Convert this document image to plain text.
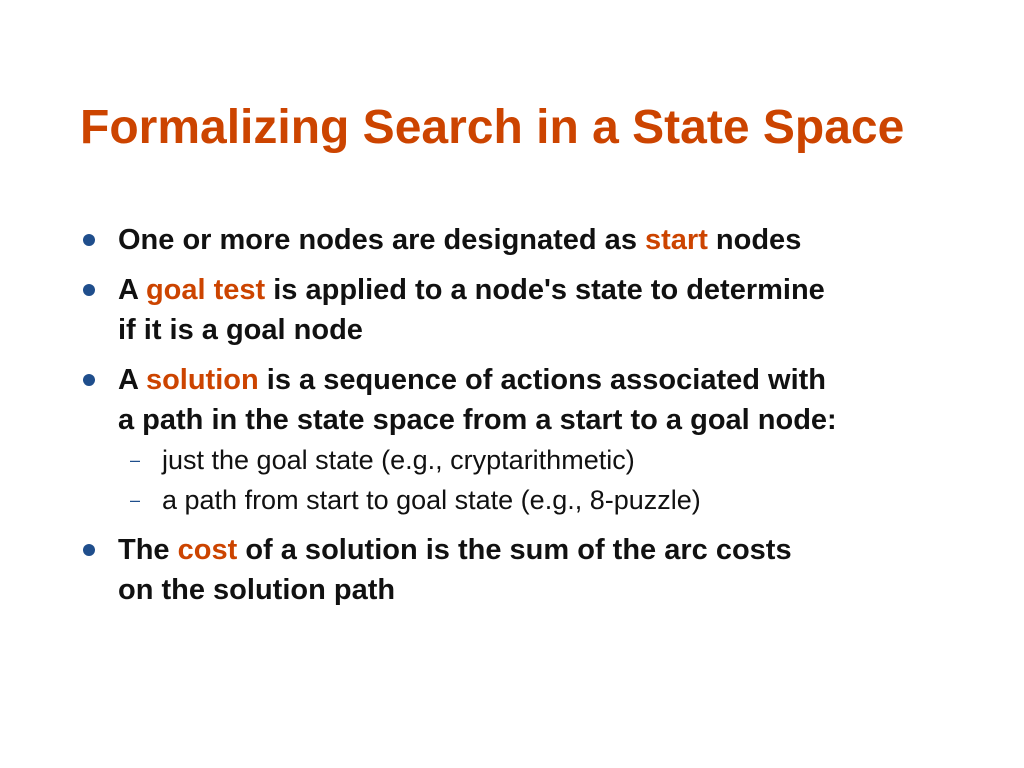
Formalizing Search in a State Space
One or more nodes are designated as start nodes
A goal test is applied to a node's state to determine
if it is a goal node
A solution is a sequence of actions associated with
a path in the state space from a start to a goal node:
– just the goal state (e.g., cryptarithmetic)
– a path from start to goal state (e.g., 8-puzzle)
The cost of a solution is the sum of the arc costs
on the solution path
